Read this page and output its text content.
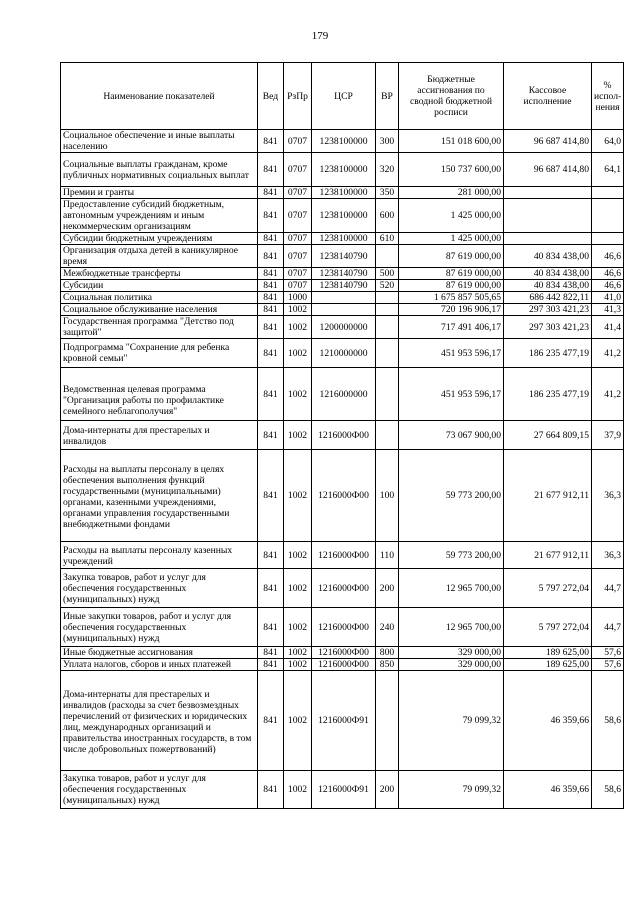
179
Наименование показателей	Вед	РзПр	ЦСР	ВР	Бюджетные ассигнования по сводной бюджетной росписи	Кассовое исполнение	% испол-нения
Социальное обеспечение и иные выплаты населению	841	0707	1238100000	300	151 018 600,00	96 687 414,80	64,0
Социальные выплаты гражданам, кроме публичных нормативных социальных выплат	841	0707	1238100000	320	150 737 600,00	96 687 414,80	64,1
Премии и гранты	841	0707	1238100000	350	281 000,00		
Предоставление субсидий бюджетным, автономным учреждениям и иным некоммерческим организациям	841	0707	1238100000	600	1 425 000,00		
Субсидии бюджетным учреждениям	841	0707	1238100000	610	1 425 000,00		
Организация отдыха детей в каникулярное время	841	0707	1238140790		87 619 000,00	40 834 438,00	46,6
Межбюджетные трансферты	841	0707	1238140790	500	87 619 000,00	40 834 438,00	46,6
Субсидии	841	0707	1238140790	520	87 619 000,00	40 834 438,00	46,6
Социальная политика	841	1000			1 675 857 505,65	686 442 822,11	41,0
Социальное обслуживание населения	841	1002			720 196 906,17	297 303 421,23	41,3
Государственная программа "Детство под защитой"	841	1002	1200000000		717 491 406,17	297 303 421,23	41,4
Подпрограмма "Сохранение для ребенка кровной семьи"	841	1002	1210000000		451 953 596,17	186 235 477,19	41,2
Ведомственная целевая программа "Организация работы по профилактике семейного неблагополучия"	841	1002	1216000000		451 953 596,17	186 235 477,19	41,2
Дома-интернаты для престарелых и инвалидов	841	1002	1216000Ф00		73 067 900,00	27 664 809,15	37,9
Расходы на выплаты персоналу в целях обеспечения выполнения функций государственными (муниципальными) органами, казенными учреждениями, органами управления государственными внебюджетными фондами	841	1002	1216000Ф00	100	59 773 200,00	21 677 912,11	36,3
Расходы на выплаты персоналу казенных учреждений	841	1002	1216000Ф00	110	59 773 200,00	21 677 912,11	36,3
Закупка товаров, работ и услуг для обеспечения государственных (муниципальных) нужд	841	1002	1216000Ф00	200	12 965 700,00	5 797 272,04	44,7
Иные закупки товаров, работ и услуг для обеспечения государственных (муниципальных) нужд	841	1002	1216000Ф00	240	12 965 700,00	5 797 272,04	44,7
Иные бюджетные ассигнования	841	1002	1216000Ф00	800	329 000,00	189 625,00	57,6
Уплата налогов, сборов и иных платежей	841	1002	1216000Ф00	850	329 000,00	189 625,00	57,6
Дома-интернаты для престарелых и инвалидов (расходы за счет безвозмездных перечислений от физических и юридических лиц, международных организаций и правительства иностранных государств, в том числе добровольных пожертвований)	841	1002	1216000Ф91		79 099,32	46 359,66	58,6
Закупка товаров, работ и услуг для обеспечения государственных (муниципальных) нужд	841	1002	1216000Ф91	200	79 099,32	46 359,66	58,6
